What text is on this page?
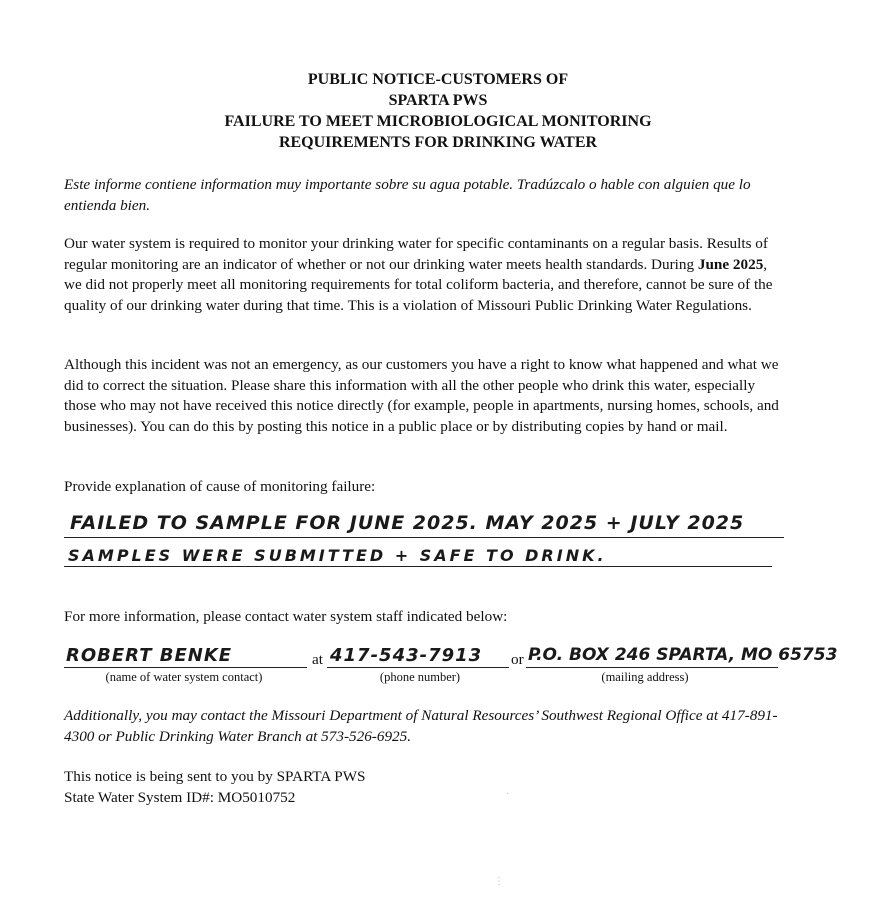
PUBLIC NOTICE-CUSTOMERS OF
SPARTA PWS
FAILURE TO MEET MICROBIOLOGICAL MONITORING
REQUIREMENTS FOR DRINKING WATER
Este informe contiene information muy importante sobre su agua potable. Tradúzcalo o hable con alguien que lo entienda bien.
Our water system is required to monitor your drinking water for specific contaminants on a regular basis. Results of regular monitoring are an indicator of whether or not our drinking water meets health standards. During June 2025, we did not properly meet all monitoring requirements for total coliform bacteria, and therefore, cannot be sure of the quality of our drinking water during that time. This is a violation of Missouri Public Drinking Water Regulations.
Although this incident was not an emergency, as our customers you have a right to know what happened and what we did to correct the situation. Please share this information with all the other people who drink this water, especially those who may not have received this notice directly (for example, people in apartments, nursing homes, schools, and businesses). You can do this by posting this notice in a public place or by distributing copies by hand or mail.
Provide explanation of cause of monitoring failure:
FAILED TO SAMPLE FOR JUNE 2025. MAY 2025 + JULY 2025
SAMPLES WERE SUBMITTED + SAFE TO DRINK.
For more information, please contact water system staff indicated below:
ROBERT BENKE	at 417-543-7913 or P.O. BOX 246 SPARTA, MO 65753
(name of water system contact)	(phone number)	(mailing address)
Additionally, you may contact the Missouri Department of Natural Resources’ Southwest Regional Office at 417-891-4300 or Public Drinking Water Branch at 573-526-6925.
This notice is being sent to you by SPARTA PWS
State Water System ID#: MO5010752
⋮
·
